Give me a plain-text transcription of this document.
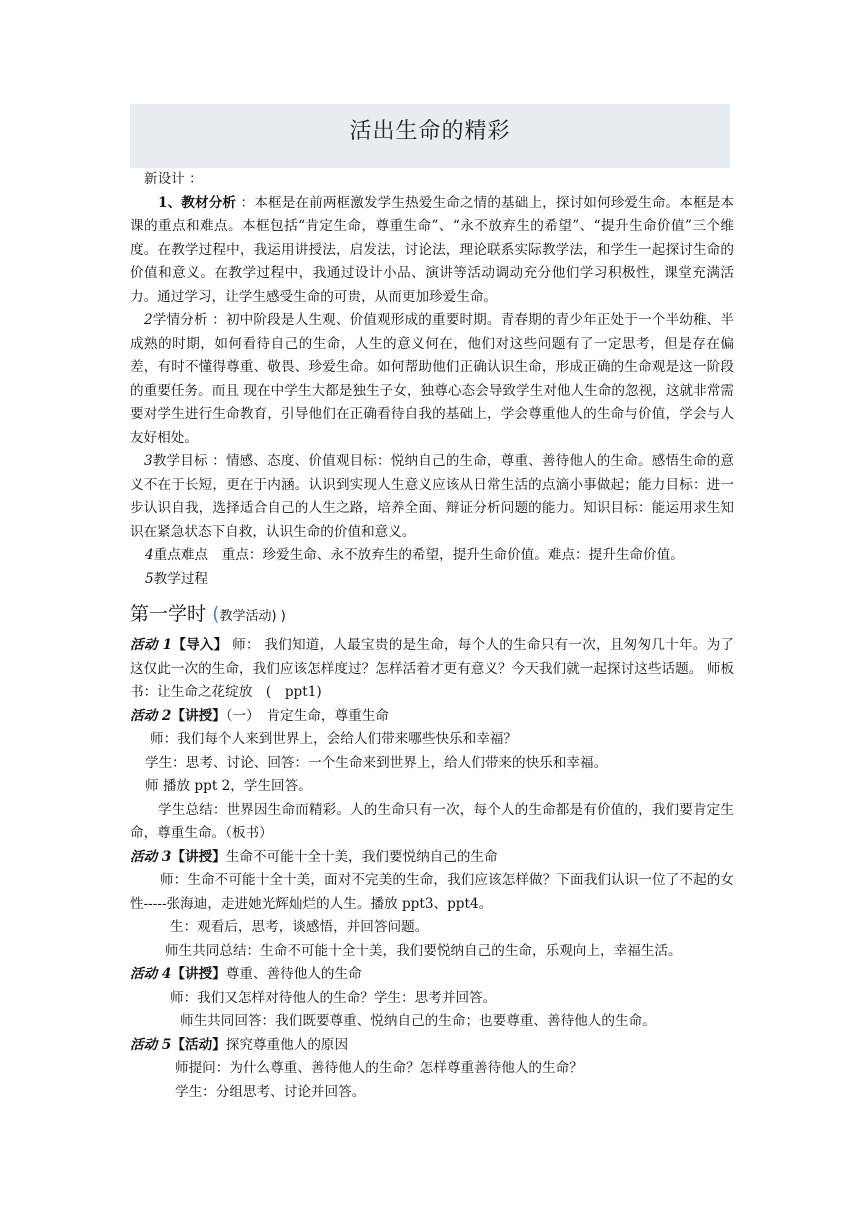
活出生命的精彩

新设计 ：

1、教材分析 ：本框是在前两框激发学生热爱生命之情的基础上，探讨如何珍爱生命。本框是本课的重点和难点。本框包括“肯定生命，尊重生命”、“永不放弃生的希望”、“提升生命价值”三个维度。在教学过程中，我运用讲授法，启发法，讨论法，理论联系实际教学法，和学生一起探讨生命的价值和意义。在教学过程中，我通过设计小品、演讲等活动调动充分他们学习积极性，课堂充满活力。通过学习，让学生感受生命的可贵，从而更加珍爱生命。

2学情分析 ：初中阶段是人生观、价值观形成的重要时期。青春期的青少年正处于一个半幼稚、半成熟的时期，如何看待自己的生命，人生的意义何在，他们对这些问题有了一定思考，但是存在偏差，有时不懂得尊重、敬畏、珍爱生命。如何帮助他们正确认识生命，形成正确的生命观是这一阶段的重要任务。而且 现在中学生大都是独生子女，独尊心态会导致学生对他人生命的忽视，这就非常需要对学生进行生命教育，引导他们在正确看待自我的基础上，学会尊重他人的生命与价值，学会与人友好相处。

3教学目标 ：情感、态度、价值观目标：悦纳自己的生命，尊重、善待他人的生命。感悟生命的意义不在于长短，更在于内涵。认识到实现人生意义应该从日常生活的点滴小事做起；能力目标：进一步认识自我，选择适合自己的人生之路，培养全面、辩证分析问题的能力。知识目标：能运用求生知识在紧急状态下自救，认识生命的价值和意义。

4重点难点　重点：珍爱生命、永不放弃生的希望，提升生命价值。难点：提升生命价值。

5教学过程

第一学时 (教学活动) )

活动 1【导入】 师： 我们知道，人最宝贵的是生命，每个人的生命只有一次，且匆匆几十年。为了这仅此一次的生命，我们应该怎样度过？怎样活着才更有意义？今天我们就一起探讨这些话题。 师板书：让生命之花绽放　(　ppt1)

活动 2【讲授】（一）　肯定生命，尊重生命

师：我们每个人来到世界上，会给人们带来哪些快乐和幸福？

学生：思考、讨论、回答：一个生命来到世界上，给人们带来的快乐和幸福。

师 播放 ppt 2，学生回答。

学生总结：世界因生命而精彩。人的生命只有一次，每个人的生命都是有价值的，我们要肯定生命，尊重生命。（板书）

活动 3【讲授】生命不可能十全十美，我们要悦纳自己的生命

师：生命不可能十全十美，面对不完美的生命，我们应该怎样做？下面我们认识一位了不起的女性-----张海迪，走进她光辉灿烂的人生。播放 ppt3、ppt4。

生：观看后，思考，谈感悟，并回答问题。

师生共同总结：生命不可能十全十美，我们要悦纳自己的生命，乐观向上，幸福生活。

活动 4【讲授】尊重、善待他人的生命

师：我们又怎样对待他人的生命？学生：思考并回答。

师生共同回答：我们既要尊重、悦纳自己的生命；也要尊重、善待他人的生命。

活动 5【活动】探究尊重他人的原因

师提问：为什么尊重、善待他人的生命？怎样尊重善待他人的生命？

学生：分组思考、讨论并回答。
